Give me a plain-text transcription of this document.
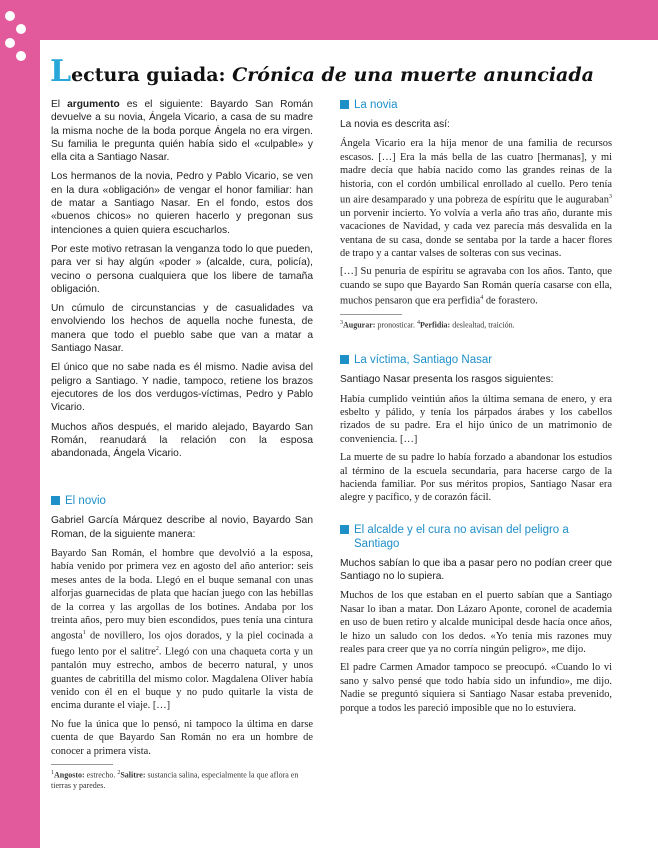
Lectura guiada: Crónica de una muerte anunciada

El argumento es el siguiente: Bayardo San Román devuelve a su novia, Ángela Vicario, a casa de su madre la misma noche de la boda porque Ángela no era virgen. Su familia le pregunta quién había sido el «culpable» y ella cita a Santiago Nasar.

Los hermanos de la novia, Pedro y Pablo Vicario, se ven en la dura «obligación» de vengar el honor familiar: han de matar a Santiago Nasar. En el fondo, estos dos «buenos chicos» no quieren hacerlo y pregonan sus intenciones a quien quiera escucharlos.

Por este motivo retrasan la venganza todo lo que pueden, para ver si hay algún «poder » (alcalde, cura, policía), vecino o persona cualquiera que los libere de tamaña obligación.

Un cúmulo de circunstancias y de casualidades va envolviendo los hechos de aquella noche funesta, de manera que todo el pueblo sabe que van a matar a Santiago Nasar.

El único que no sabe nada es él mismo. Nadie avisa del peligro a Santiago. Y nadie, tampoco, retiene los brazos ejecutores de los dos verdugos-víctimas, Pedro y Pablo Vicario.

Muchos años después, el marido alejado, Bayardo San Román, reanudará la relación con la esposa abandonada, Ángela Vicario.

El novio

Gabriel García Márquez describe al novio, Bayardo San Roman, de la siguiente manera:

Bayardo San Román, el hombre que devolvió a la esposa, había venido por primera vez en agosto del año anterior: seis meses antes de la boda. Llegó en el buque semanal con unas alforjas guarnecidas de plata que hacían juego con las hebillas de la correa y las argollas de los botines. Andaba por los treinta años, pero muy bien escondidos, pues tenía una cintura angosta$^1$ de novillero, los ojos dorados, y la piel cocinada a fuego lento por el salitre$^2$. Llegó con una chaqueta corta y un pantalón muy estrecho, ambos de becerro natural, y unos guantes de cabritilla del mismo color. Magdalena Oliver había venido con él en el buque y no pudo quitarle la vista de encima durante el viaje. […]

No fue la única que lo pensó, ni tampoco la última en darse cuenta de que Bayardo San Román no era un hombre de conocer a primera vista.

$^1$Angosto: estrecho. $^2$Salitre: sustancia salina, especialmente la que aflora en tierras y paredes.

La novia

La novia es descrita así:

Ángela Vicario era la hija menor de una familia de recursos escasos. […] Era la más bella de las cuatro [hermanas], y mi madre decía que había nacido como las grandes reinas de la historia, con el cordón umbilical enrollado al cuello. Pero tenía un aire desamparado y una pobreza de espíritu que le auguraban$^3$ un porvenir incierto. Yo volvía a verla año tras año, durante mis vacaciones de Navidad, y cada vez parecía más desvalida en la ventana de su casa, donde se sentaba por la tarde a hacer flores de trapo y a cantar valses de solteras con sus vecinas.

[…] Su penuria de espíritu se agravaba con los años. Tanto, que cuando se supo que Bayardo San Román quería casarse con ella, muchos pensaron que era perfidia$^4$ de forastero.

$^3$Augurar: pronosticar. $^4$Perfidia: deslealtad, traición.

La víctima, Santiago Nasar

Santiago Nasar presenta los rasgos siguientes:

Había cumplido veintiún años la última semana de enero, y era esbelto y pálido, y tenía los párpados árabes y los cabellos rizados de su padre. Era el hijo único de un matrimonio de conveniencia. […]

La muerte de su padre lo había forzado a abandonar los estudios al término de la escuela secundaria, para hacerse cargo de la hacienda familiar. Por sus méritos propios, Santiago Nasar era alegre y pacífico, y de corazón fácil.

El alcalde y el cura no avisan del peligro a Santiago

Muchos sabían lo que iba a pasar pero no podían creer que Santiago no lo supiera.

Muchos de los que estaban en el puerto sabían que a Santiago Nasar lo iban a matar. Don Lázaro Aponte, coronel de academia en uso de buen retiro y alcalde municipal desde hacía once años, le hizo un saludo con los dedos. «Yo tenía mis razones muy reales para creer que ya no corría ningún peligro», me dijo.

El padre Carmen Amador tampoco se preocupó. «Cuando lo vi sano y salvo pensé que todo había sido un infundio», me dijo. Nadie se preguntó siquiera si Santiago Nasar estaba prevenido, porque a todos les pareció imposible que no lo estuviera.
